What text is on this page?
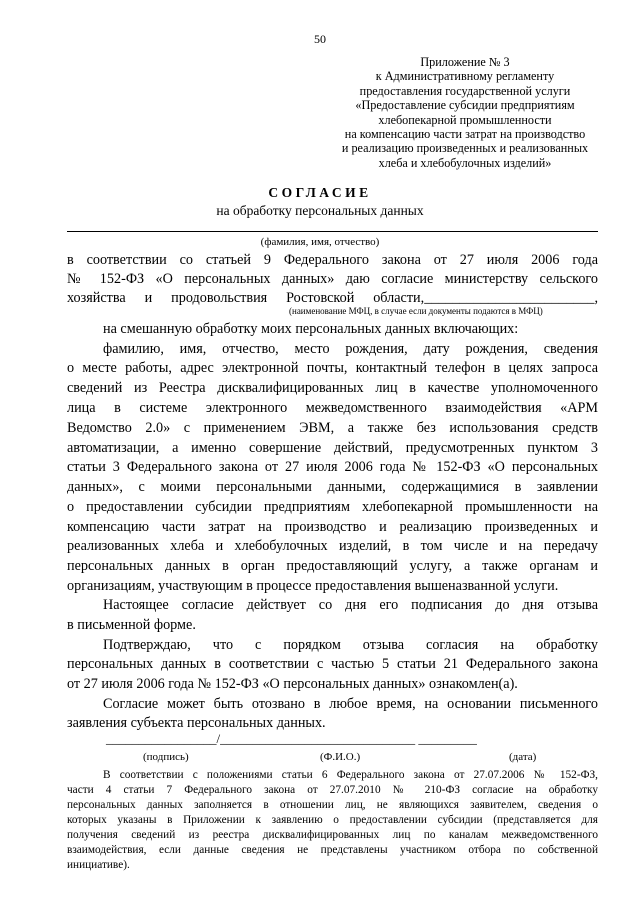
50
Приложение № 3
к Административному регламенту
предоставления государственной услуги
«Предоставление субсидии предприятиям
хлебопекарной промышленности
на компенсацию части затрат на производство
и реализацию произведенных и реализованных
хлеба и хлебобулочных изделий»
СОГЛАСИЕ
на обработку персональных данных
(фамилия, имя, отчество)
в соответствии со статьей 9 Федерального закона от 27 июля 2006 года
№ 152-ФЗ «О персональных данных» даю согласие министерству сельского
хозяйства и продовольствия Ростовской области,________________________,
(наименование МФЦ, в случае если документы подаются в МФЦ)
на смешанную обработку моих персональных данных включающих:
фамилию, имя, отчество, место рождения, дату рождения, сведения
о месте работы, адрес электронной почты, контактный телефон в целях запроса
сведений из Реестра дисквалифицированных лиц в качестве уполномоченного
лица в системе электронного межведомственного взаимодействия «АРМ
Ведомство 2.0» с применением ЭВМ, а также без использования средств
автоматизации, а именно совершение действий, предусмотренных пунктом 3
статьи 3 Федерального закона от 27 июля 2006 года № 152-ФЗ «О персональных
данных», с моими персональными данными, содержащимися в заявлении
о предоставлении субсидии предприятиям хлебопекарной промышленности на
компенсацию части затрат на производство и реализацию произведенных и
реализованных хлеба и хлебобулочных изделий, в том числе и на передачу
персональных данных в орган предоставляющий услугу, а также органам и
организациям, участвующим в процессе предоставления вышеназванной услуги.
Настоящее согласие действует со дня его подписания до дня отзыва
в письменной форме.
Подтверждаю, что с порядком отзыва согласия на обработку
персональных данных в соответствии с частью 5 статьи 21 Федерального закона
от 27 июля 2006 года № 152-ФЗ «О персональных данных» ознакомлен(а).
Согласие может быть отозвано в любое время, на основании письменного
заявления субъекта персональных данных.
_________________/______________________________ _________
(подпись)	(Ф.И.О.)	(дата)
В соответствии с положениями статьи 6 Федерального закона от 27.07.2006 № 152-ФЗ,
части 4 статьи 7 Федерального закона от 27.07.2010 № 210-ФЗ согласие на обработку
персональных данных заполняется в отношении лиц, не являющихся заявителем, сведения о
которых указаны в Приложении к заявлению о предоставлении субсидии (представляется для
получения сведений из реестра дисквалифицированных лиц по каналам межведомственного
взаимодействия, если данные сведения не представлены участником отбора по собственной
инициативе).
